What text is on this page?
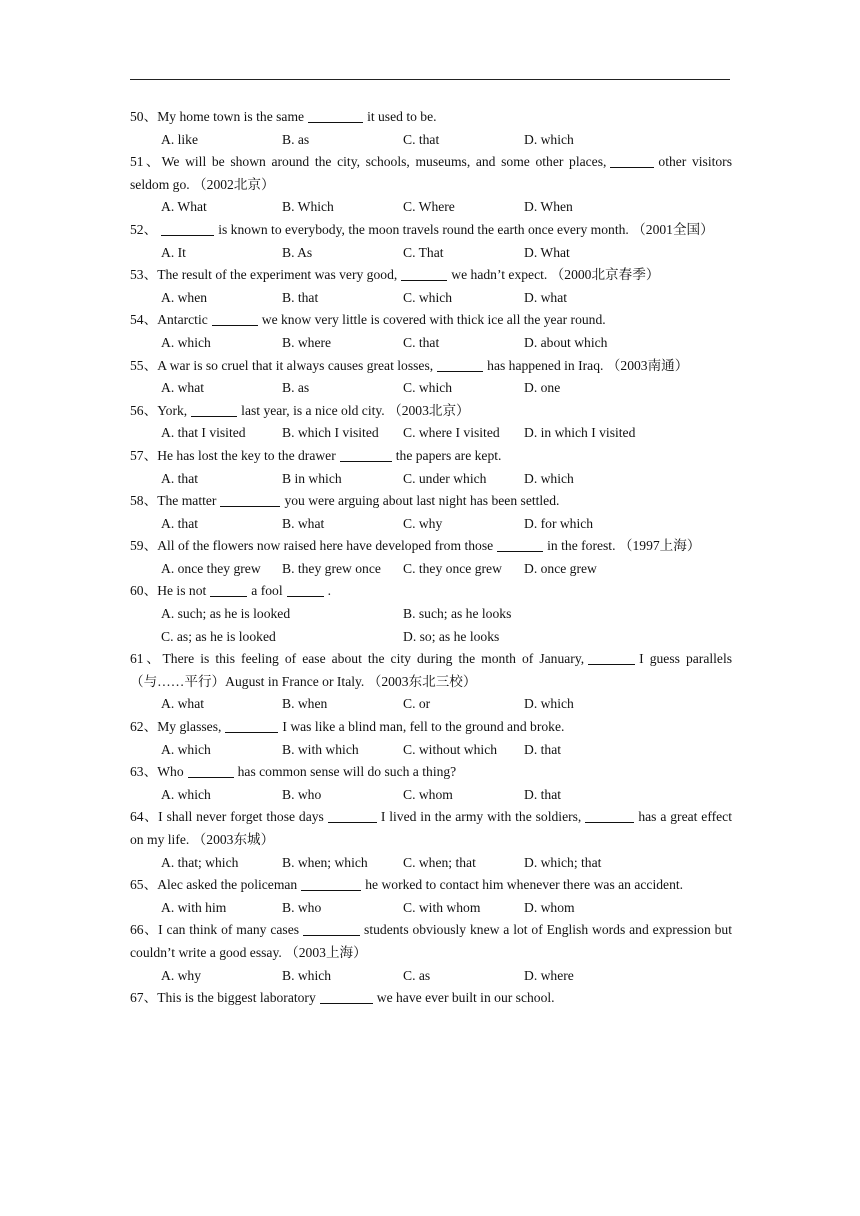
50、My home town is the same	it used to be.
A. like	B. as	C. that	D. which
51、We will be shown around the city, schools, museums, and some other places,	other visitors seldom go. （2002北京）
A. What	B. Which	C. Where	D. When
52、	is known to everybody, the moon travels round the earth once every month. （2001全国）
A. It	B. As	C. That	D. What
53、The result of the experiment was very good,	we hadn’t expect. （2000北京春季）
A. when	B. that	C. which	D. what
54、Antarctic	we know very little is covered with thick ice all the year round.
A. which	B. where	C. that	D. about which
55、A war is so cruel that it always causes great losses,	has happened in Iraq. （2003南通）
A. what	B. as	C. which	D. one
56、York,	last year, is a nice old city. （2003北京）
A. that I visited	B. which I visited	C. where I visited	D. in which I visited
57、He has lost the key to the drawer	the papers are kept.
A. that	B in which	C. under which	D. which
58、The matter	you were arguing about last night has been settled.
A. that	B. what	C. why	D. for which
59、All of the flowers now raised here have developed from those	in the forest. （1997上海）
A. once they grew	B. they grew once	C. they once grew	D. once grew
60、He is not	a fool	.
A. such; as he is looked	B. such; as he looks
C. as; as he is looked	D. so; as he looks
61、There is this feeling of ease about the city during the month of January,	I guess parallels（与……平行）August in France or Italy. （2003东北三校）
A. what	B. when	C. or	D. which
62、My glasses,	I was like a blind man, fell to the ground and broke.
A. which	B. with which	C. without which	D. that
63、Who	has common sense will do such a thing?
A. which	B. who	C. whom	D. that
64、I shall never forget those days	I lived in the army with the soldiers,	has a great effect on my life. （2003东城）
A. that; which	B. when; which	C. when; that	D. which; that
65、Alec asked the policeman	he worked to contact him whenever there was an accident.
A. with him	B. who	C. with whom	D. whom
66、I can think of many cases	students obviously knew a lot of English words and expression but couldn’t write a good essay. （2003上海）
A. why	B. which	C. as	D. where
67、This is the biggest laboratory	we have ever built in our school.
